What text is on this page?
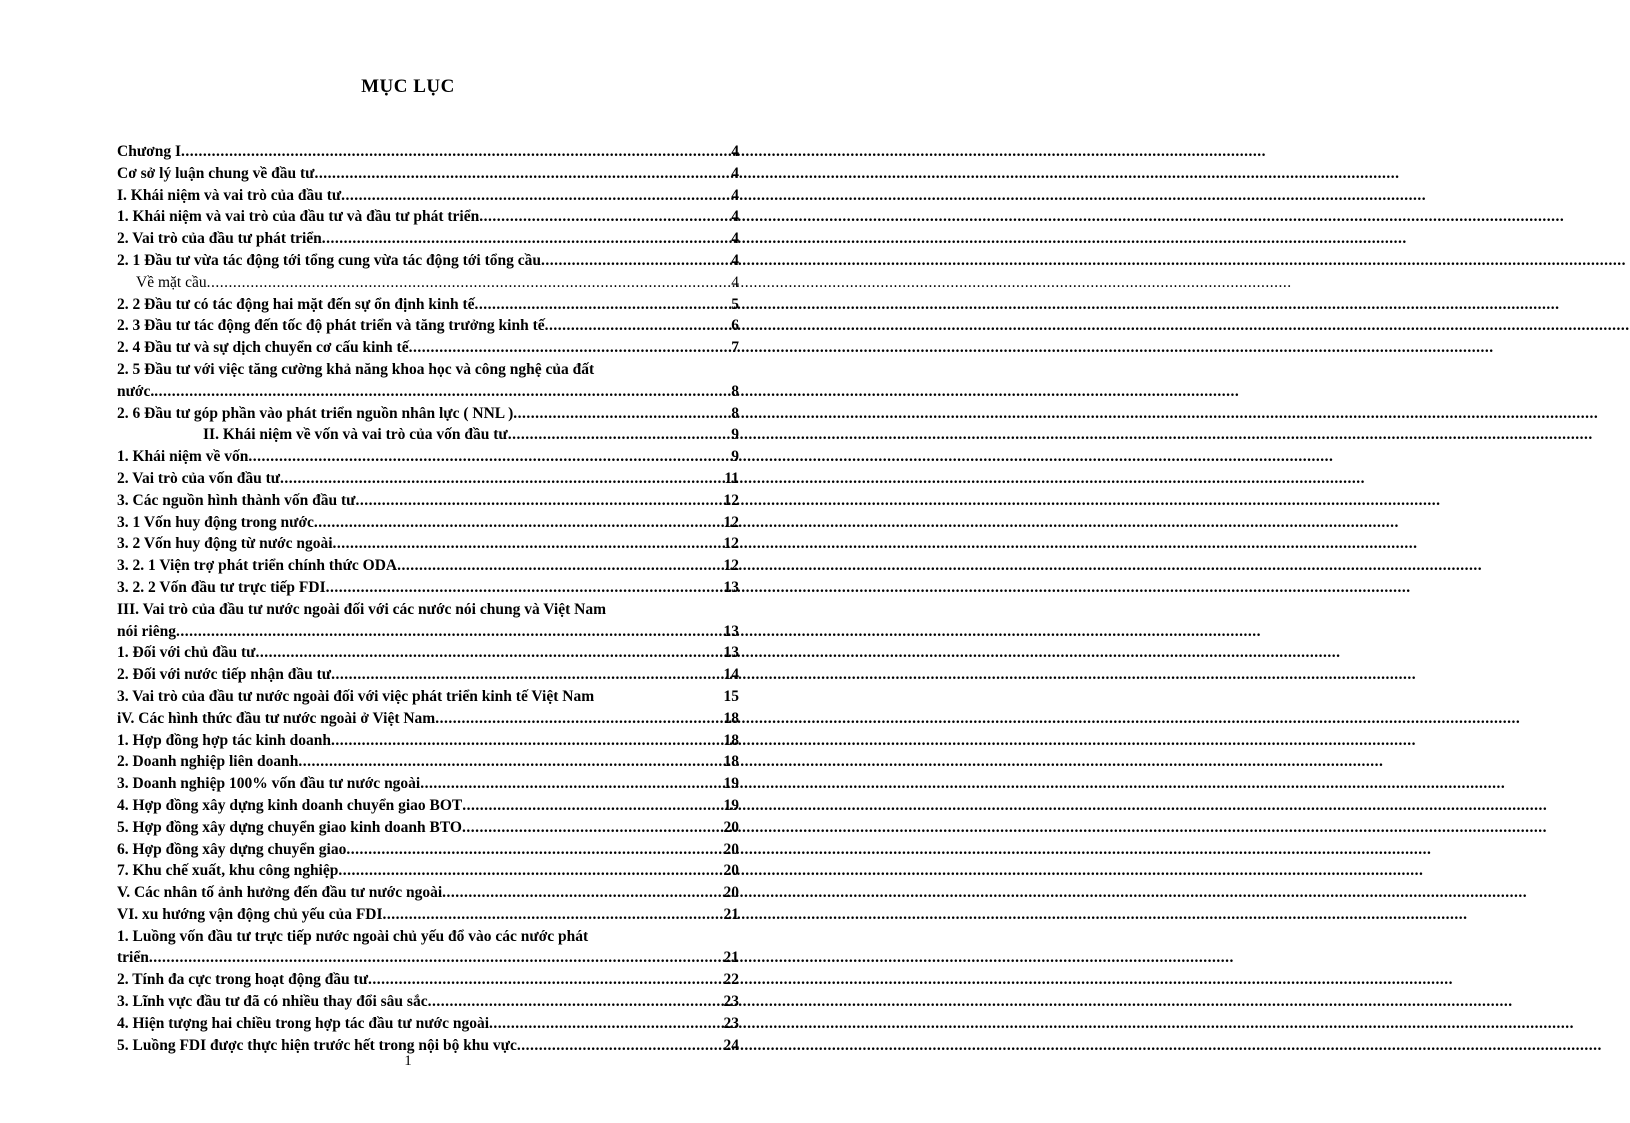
MỤC LỤC
Chương I .....	4
Cơ sở lý luận chung về đầu tư .....	4
I. Khái niệm và vai trò của đầu tư .....	4
1. Khái niệm và vai trò của đầu tư và đầu tư phát triển .....	4
2. Vai trò của đầu tư phát triển .....	4
2. 1 Đầu tư vừa tác động tới tổng cung vừa tác động tới tổng cầu .....	4
Về mặt cầu .....	4
2. 2 Đầu tư có tác động hai mặt đến sự ổn định kinh tế .....	5
2. 3 Đầu tư tác động đến tốc độ phát triển và tăng trưởng kinh tế .....	6
2. 4 Đầu tư và sự dịch chuyển cơ cấu kinh tế .....	7
2. 5 Đầu tư với việc tăng cường khả năng khoa học và công nghệ của đất
nước. .....	8
2. 6 Đầu tư góp phần vào phát triển nguồn nhân lực ( NNL ) .....	8
II. Khái niệm về vốn và vai trò của vốn đầu tư .....	9
1. Khái niệm về vốn .....	9
2. Vai trò của vốn đầu tư .....	11
3. Các nguồn hình thành vốn đầu tư .....	12
3. 1 Vốn huy động trong nước .....	12
3. 2 Vốn huy động từ nước ngoài .....	12
3. 2. 1 Viện trợ phát triển chính thức ODA .....	12
3. 2. 2 Vốn đầu tư trực tiếp FDI .....	13
III. Vai trò của đầu tư nước ngoài đối với các nước nói chung và Việt Nam
nói riêng .....	13
1. Đối với chủ đầu tư .....	13
2. Đối với nước tiếp nhận đầu tư .....	14
3. Vai trò của đầu tư nước ngoài đối với việc phát triển kinh tế Việt Nam	15
iV. Các hình thức đầu tư nước ngoài ở Việt Nam .....	18
1. Hợp đồng hợp tác kinh doanh .....	18
2. Doanh nghiệp liên doanh .....	18
3. Doanh nghiệp 100% vốn đầu tư nước ngoài .....	19
4. Hợp đồng xây dựng kinh doanh chuyển giao BOT .....	19
5. Hợp đồng xây dựng chuyển giao kinh doanh BTO .....	20
6. Hợp đồng xây dựng chuyển giao .....	20
7. Khu chế xuất, khu công nghiệp .....	20
V. Các nhân tố ảnh hưởng đến đầu tư nước ngoài .....	20
VI. xu hướng vận động chủ yếu của FDI .....	21
1. Luồng vốn đầu tư trực tiếp nước ngoài chủ yếu đổ vào các nước phát
triển .....	21
2. Tính đa cực trong hoạt động đầu tư .....	22
3. Lĩnh vực đầu tư đã có nhiều thay đổi sâu sắc .....	23
4. Hiện tượng hai chiều trong hợp tác đầu tư nước ngoài .....	23
5. Luồng FDI được thực hiện trước hết trong nội bộ khu vực .....	24
1
